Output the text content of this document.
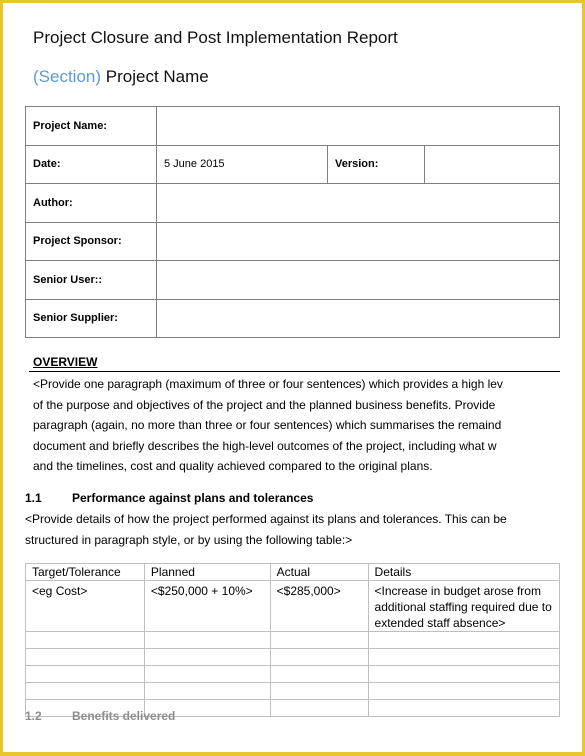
Project Closure and Post Implementation Report
(Section) Project Name
Project Name:			
Date:	5 June 2015	Version:	
Author:			
Project Sponsor:			
Senior User::			
Senior Supplier:			
OVERVIEW
<Provide one paragraph (maximum of three or four sentences) which provides a high lev
of the purpose and objectives of the project and the planned business benefits. Provide
paragraph (again, no more than three or four sentences) which summarises the remaind
document and briefly describes the high-level outcomes of the project, including what w
and the timelines, cost and quality achieved compared to the original plans.
1.1	Performance against plans and tolerances
<Provide details of how the project performed against its plans and tolerances. This can be
structured in paragraph style, or by using the following table:>
Target/Tolerance	Planned	Actual	Details
<eg Cost>	<$250,000 + 10%>	<$285,000>	<Increase in budget arose from additional staffing required due to extended staff absence>

1.2	Benefits delivered
